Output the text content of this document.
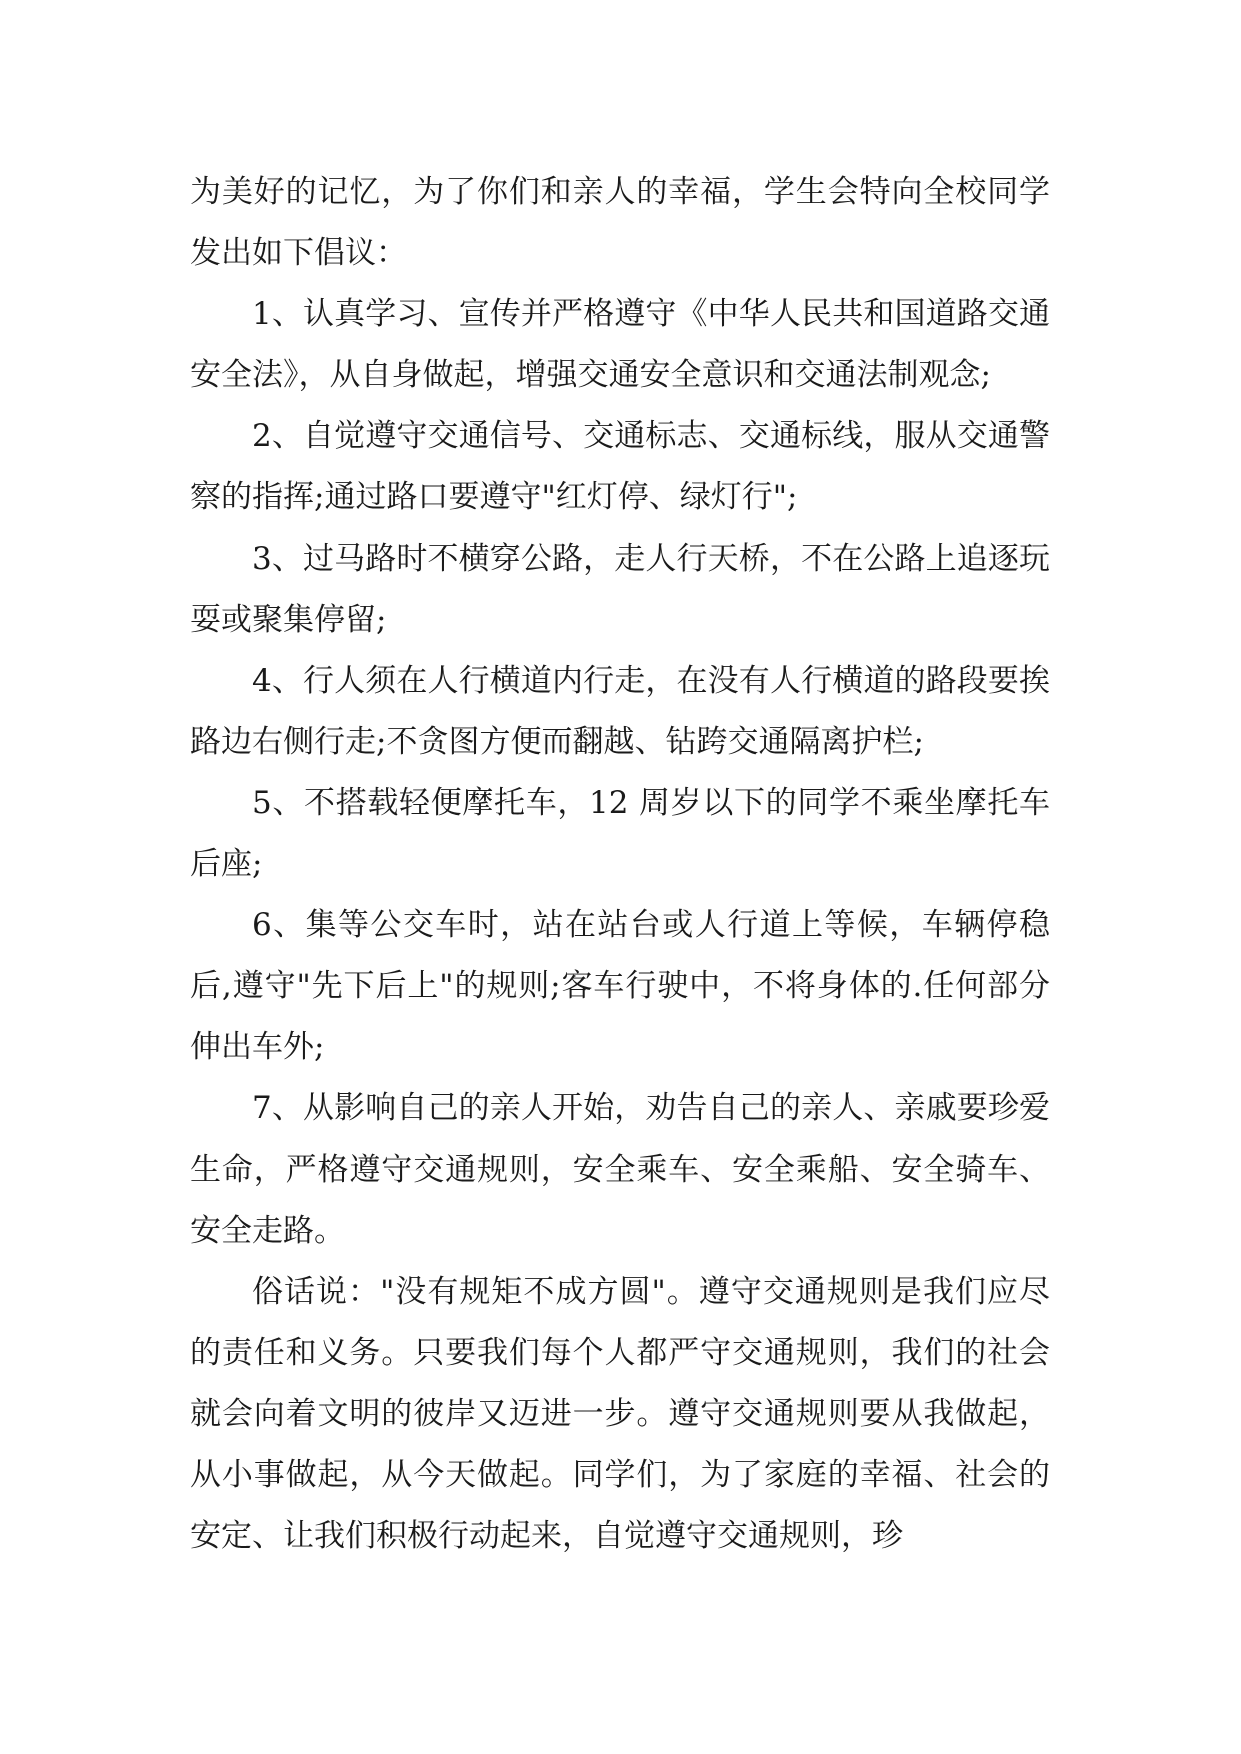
为美好的记忆，为了你们和亲人的幸福，学生会特向全校同学发出如下倡议：

1、认真学习、宣传并严格遵守《中华人民共和国道路交通安全法》，从自身做起，增强交通安全意识和交通法制观念;

2、自觉遵守交通信号、交通标志、交通标线，服从交通警察的指挥;通过路口要遵守"红灯停、绿灯行";

3、过马路时不横穿公路，走人行天桥，不在公路上追逐玩耍或聚集停留;

4、行人须在人行横道内行走，在没有人行横道的路段要挨路边右侧行走;不贪图方便而翻越、钻跨交通隔离护栏;

5、不搭载轻便摩托车，12 周岁以下的同学不乘坐摩托车后座;

6、集等公交车时，站在站台或人行道上等候，车辆停稳后,遵守"先下后上"的规则;客车行驶中，不将身体的.任何部分伸出车外;

7、从影响自己的亲人开始，劝告自己的亲人、亲戚要珍爱生命，严格遵守交通规则，安全乘车、安全乘船、安全骑车、安全走路。

俗话说："没有规矩不成方圆"。遵守交通规则是我们应尽的责任和义务。只要我们每个人都严守交通规则，我们的社会就会向着文明的彼岸又迈进一步。遵守交通规则要从我做起，从小事做起，从今天做起。同学们，为了家庭的幸福、社会的安定、让我们积极行动起来，自觉遵守交通规则，珍
